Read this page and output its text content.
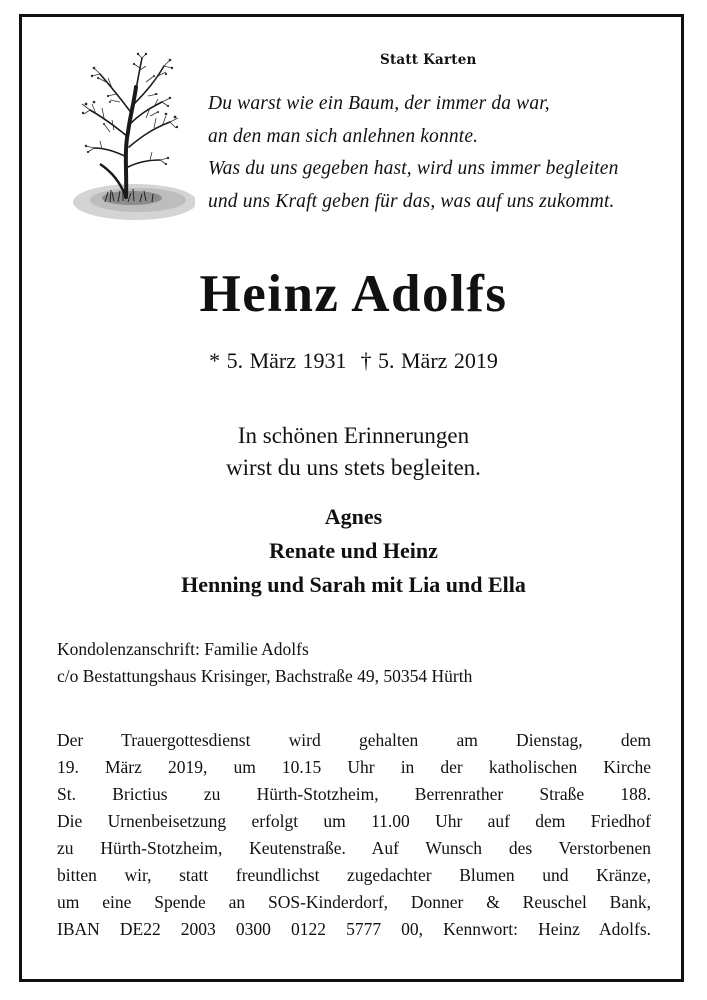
Statt Karten
Du warst wie ein Baum, der immer da war,
an den man sich anlehnen konnte.
Was du uns gegeben hast, wird uns immer begleiten
und uns Kraft geben für das, was auf uns zukommt.
Heinz Adolfs
* 5. März 1931 † 5. März 2019
In schönen Erinnerungen
wirst du uns stets begleiten.
Agnes
Renate und Heinz
Henning und Sarah mit Lia und Ella
Kondolenzanschrift: Familie Adolfs
c/o Bestattungshaus Krisinger, Bachstraße 49, 50354 Hürth
Der Trauergottesdienst wird gehalten am Dienstag, dem
19. März 2019, um 10.15 Uhr in der katholischen Kirche
St. Brictius zu Hürth-Stotzheim, Berrenrather Straße 188.
Die Urnenbeisetzung erfolgt um 11.00 Uhr auf dem Friedhof
zu Hürth-Stotzheim, Keutenstraße. Auf Wunsch des Verstorbenen
bitten wir, statt freundlichst zugedachter Blumen und Kränze,
um eine Spende an SOS-Kinderdorf, Donner & Reuschel Bank,
IBAN DE22 2003 0300 0122 5777 00, Kennwort: Heinz Adolfs.
